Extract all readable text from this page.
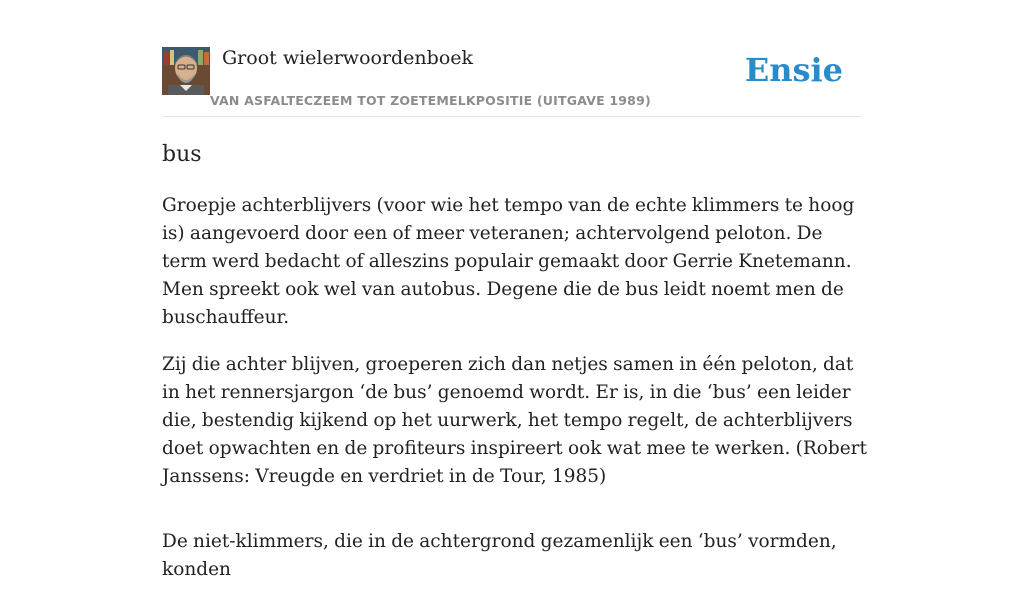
Groot wielerwoordenboek
VAN ASFALTECZEEM TOT ZOETEMELKPOSITIE (UITGAVE 1989)
Ensie
bus

Groepje achterblijvers (voor wie het tempo van de echte klimmers te hoog is) aangevoerd door een of meer veteranen; achtervolgend peloton. De term werd bedacht of alleszins populair gemaakt door Gerrie Knetemann. Men spreekt ook wel van autobus. Degene die de bus leidt noemt men de buschauffeur.

Zij die achter blijven, groeperen zich dan netjes samen in één peloton, dat in het rennersjargon ‘de bus’ genoemd wordt. Er is, in die ‘bus’ een leider die, bestendig kijkend op het uurwerk, het tempo regelt, de achterblijvers doet opwachten en de profiteurs inspireert ook wat mee te werken. (Robert Janssens: Vreugde en verdriet in de Tour, 1985)

De niet-klimmers, die in de achtergrond gezamenlijk een ‘bus’ vormden, konden
